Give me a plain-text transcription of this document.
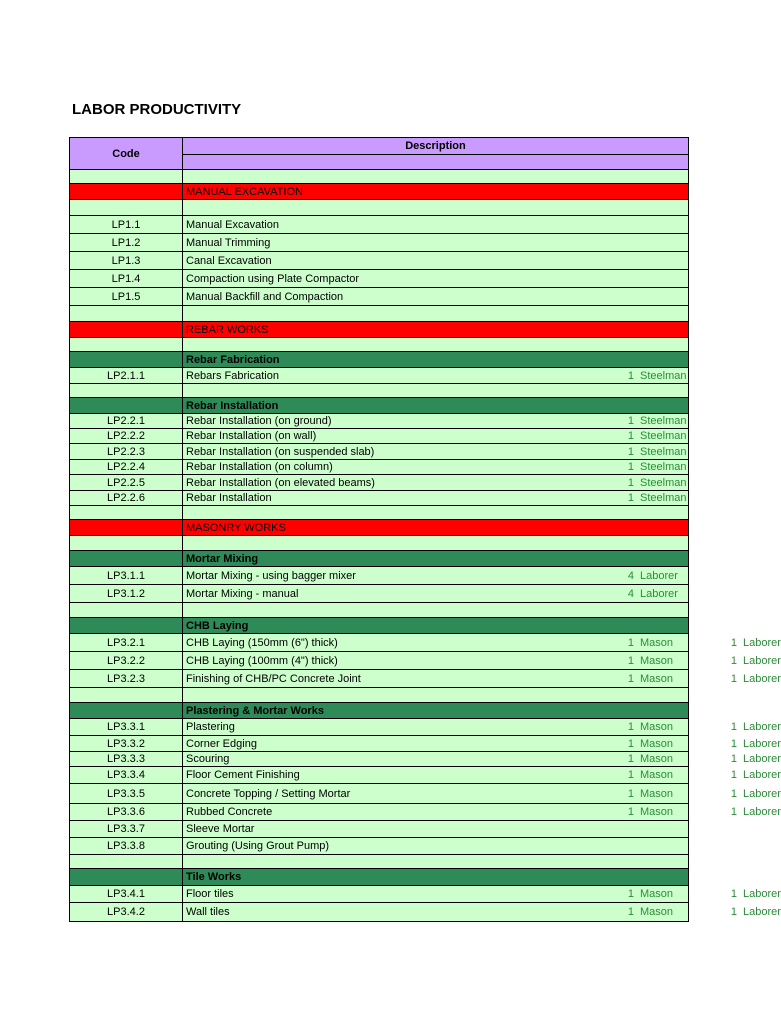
LABOR PRODUCTIVITY
Code
Description
MANUAL EXCAVATION
LP1.1	Manual Excavation
LP1.2	Manual Trimming
LP1.3	Canal Excavation
LP1.4	Compaction using Plate Compactor
LP1.5	Manual Backfill and Compaction
REBAR WORKS
Rebar Fabrication
LP2.1.1	Rebars Fabrication	1 Steelman
Rebar Installation
LP2.2.1	Rebar Installation (on ground)	1 Steelman
LP2.2.2	Rebar Installation (on wall)	1 Steelman
LP2.2.3	Rebar Installation (on suspended slab)	1 Steelman
LP2.2.4	Rebar Installation (on column)	1 Steelman
LP2.2.5	Rebar Installation (on elevated beams)	1 Steelman
LP2.2.6	Rebar Installation	1 Steelman
MASONRY WORKS
Mortar Mixing
LP3.1.1	Mortar Mixing - using bagger mixer	4 Laborer
LP3.1.2	Mortar Mixing - manual	4 Laborer
CHB Laying
LP3.2.1	CHB Laying (150mm (6") thick)	1 Mason	1 Laborer
LP3.2.2	CHB Laying (100mm (4") thick)	1 Mason	1 Laborer
LP3.2.3	Finishing of CHB/PC Concrete Joint	1 Mason	1 Laborer
Plastering & Mortar Works
LP3.3.1	Plastering	1 Mason	1 Laborer
LP3.3.2	Corner Edging	1 Mason	1 Laborer
LP3.3.3	Scouring	1 Mason	1 Laborer
LP3.3.4	Floor Cement Finishing	1 Mason	1 Laborer
LP3.3.5	Concrete Topping / Setting Mortar	1 Mason	1 Laborer
LP3.3.6	Rubbed Concrete	1 Mason	1 Laborer
LP3.3.7	Sleeve Mortar
LP3.3.8	Grouting (Using Grout Pump)
Tile Works
LP3.4.1	Floor tiles	1 Mason	1 Laborer
LP3.4.2	Wall tiles	1 Mason	1 Laborer
